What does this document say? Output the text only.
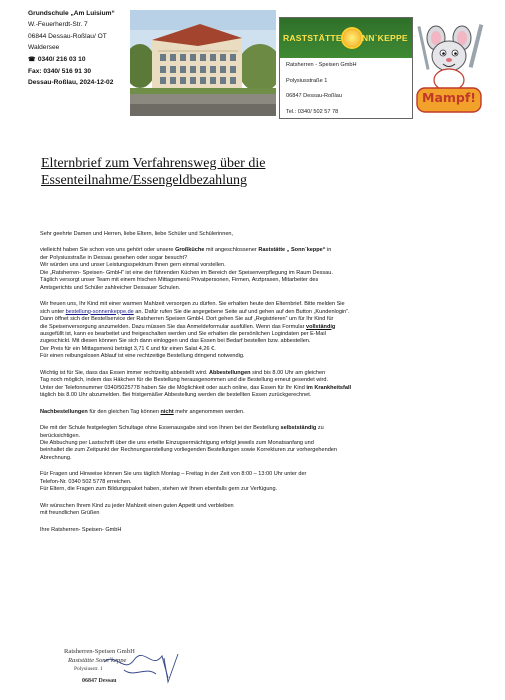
Grundschule „Am Luisium“
W.-Feuerherdt-Str. 7
06844 Dessau-Roßlau/ OT
Waldersee
☎ 0340/ 216 03 10
Fax: 0340/ 516 91 30
Dessau-Roßlau, 2024-12-02
RASTSTÄTTE NN`KEPPE
Ratsherren - Speisen GmbH
Polysiusstraße 1
06847 Dessau-Roßlau
Tel.: 0340/ 502 57 78
Mampf!
Elternbrief zum Verfahrensweg über die
Essenteilnahme/Essengeldbezahlung

Sehr geehrte Damen und Herren, liebe Eltern, liebe Schüler und Schülerinnen,

vielleicht haben Sie schon von uns gehört oder unsere Großküche mit angeschlossener Raststätte „ Sonn`keppe“ in

der Polysiusstraße in Dessau gesehen oder sogar besucht?

Wir würden uns und unser Leistungsspektrum Ihnen gern einmal vorstellen.

Die „Ratsherren- Speisen- GmbH“ ist eine der führenden Küchen im Bereich der Speisenverpflegung im Raum Dessau.

Täglich versorgt unser Team mit einem frischen Mittagsmenü Privatpersonen, Firmen, Arztpraxen, Mitarbeiter des

Amtsgerichts und Schüler zahlreicher Dessauer Schulen.

Wir freuen uns, Ihr Kind mit einer warmen Mahlzeit versorgen zu dürfen. Sie erhalten heute den Elternbrief. Bitte melden Sie

sich unter bestellung-sonnenkeppe.de an. Dafür rufen Sie die angegebene Seite auf und gehen auf den Button „Kundenlogin“.

Dann öffnet sich der Bestellservice der Ratsherren Speisen GmbH. Dort gehen Sie auf „Registrieren“ um für Ihr Kind für

die Speisenversorgung anzumelden. Dazu müssen Sie das Anmeldeformular ausfüllen. Wenn das Formular vollständig

ausgefüllt ist, kann es bearbeitet und freigeschalten werden und Sie erhalten die persönlichen Logindaten per E-Mail

zugeschickt. Mit diesen können Sie sich dann einloggen und das Essen bei Bedarf bestellen bzw. abbestellen.

Der Preis für ein Mittagsmenü beträgt 3,71 € und für einen Salat 4,26 €.

Für einen reibungslosen Ablauf ist eine rechtzeitige Bestellung dringend notwendig.

Wichtig ist für Sie, dass das Essen immer rechtzeitig abbestellt wird. Abbestellungen sind bis 8.00 Uhr am gleichen

Tag noch möglich, indem das Häkchen für die Bestellung herausgenommen und die Bestellung erneut gesendet wird.

Unter der Telefonnummer 0340/5025778 haben Sie die Möglichkeit oder auch online, das Essen für Ihr Kind im Krankheitsfall

täglich bis 8.00 Uhr abzumelden. Bei fristgemäßer Abbestellung werden die bestellten Essen zurückgerechnet.

Nachbestellungen für den gleichen Tag können nicht mehr angenommen werden.

Die mit der Schule festgelegten Schultage ohne Essenausgabe sind von Ihnen bei der Bestellung selbstständig zu

berücksichtigen.

Die Abbuchung per Lastschrift über die uns erteilte Einzugsermächtigung erfolgt jeweils zum Monatsanfang und

beinhaltet die zum Zeitpunkt der Rechnungserstellung vorliegenden Bestellungen sowie Korrekturen zur vorhergehenden

Abrechnung.

Für Fragen und Hinweise können Sie uns täglich Montag – Freitag in der Zeit von 8:00 – 13:00 Uhr unter der

Telefon-Nr. 0340 502 5778 erreichen.

Für Eltern, die Fragen zum Bildungspaket haben, stehen wir Ihnen ebenfalls gern zur Verfügung.

Wir wünschen Ihrem Kind zu jeder Mahlzeit einen guten Appetit und verbleiben

mit freundlichen Grüßen

Ihre Ratsherren- Speisen- GmbH

Ratsherren-Speisen GmbH
Raststätte Sonn`keppe
Polysiusstr. 1
06847 Dessau
